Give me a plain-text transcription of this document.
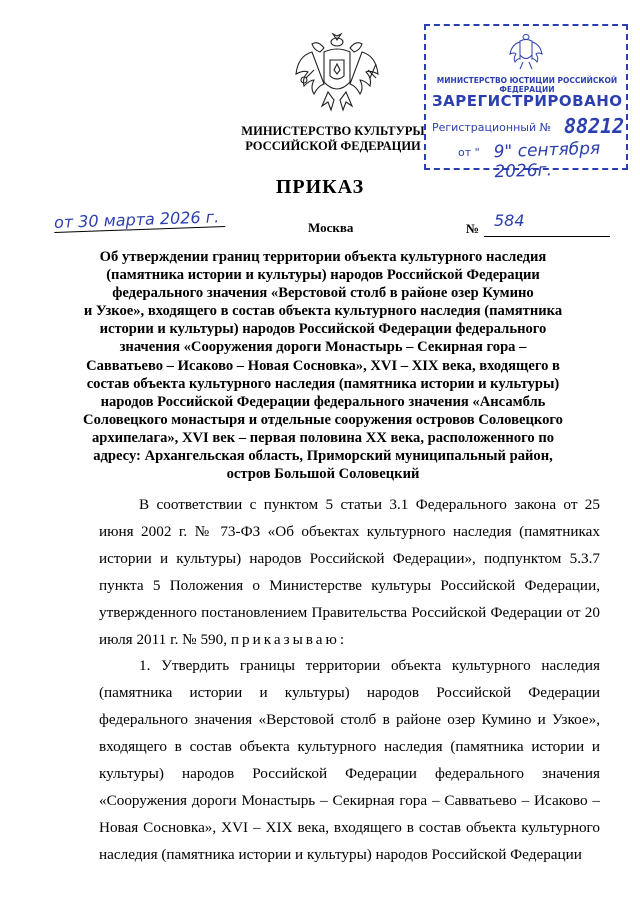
МИНИСТЕРСТВО КУЛЬТУРЫ
РОССИЙСКОЙ ФЕДЕРАЦИИ
МИНИСТЕРСТВО ЮСТИЦИИ РОССИЙСКОЙ ФЕДЕРАЦИИ
ЗАРЕГИСТРИРОВАНО
Регистрационный № 88212
от " 9" сентября 2026г.
ПРИКАЗ
от 30 марта 2026 г.	Москва	№ 584
Об утверждении границ территории объекта культурного наследия
(памятника истории и культуры) народов Российской Федерации
федерального значения «Верстовой столб в районе озер Кумино
и Узкое», входящего в состав объекта культурного наследия (памятника
истории и культуры) народов Российской Федерации федерального
значения «Сооружения дороги Монастырь – Секирная гора –
Савватьево – Исаково – Новая Сосновка», XVI – XIX века, входящего в
состав объекта культурного наследия (памятника истории и культуры)
народов Российской Федерации федерального значения «Ансамбль
Соловецкого монастыря и отдельные сооружения островов Соловецкого
архипелага», XVI век – первая половина XX века, расположенного по
адресу: Архангельская область, Приморский муниципальный район,
остров Большой Соловецкий

В соответствии с пунктом 5 статьи 3.1 Федерального закона от 25 июня 2002 г. № 73-ФЗ «Об объектах культурного наследия (памятниках истории и культуры) народов Российской Федерации», подпунктом 5.3.7 пункта 5 Положения о Министерстве культуры Российской Федерации, утвержденного постановлением Правительства Российской Федерации от 20 июля 2011 г. № 590, приказываю:

1. Утвердить границы территории объекта культурного наследия (памятника истории и культуры) народов Российской Федерации федерального значения «Верстовой столб в районе озер Кумино и Узкое», входящего в состав объекта культурного наследия (памятника истории и культуры) народов Российской Федерации федерального значения «Сооружения дороги Монастырь – Секирная гора – Савватьево – Исаково – Новая Сосновка», XVI – XIX века, входящего в состав объекта культурного наследия (памятника истории и культуры) народов Российской Федерации
